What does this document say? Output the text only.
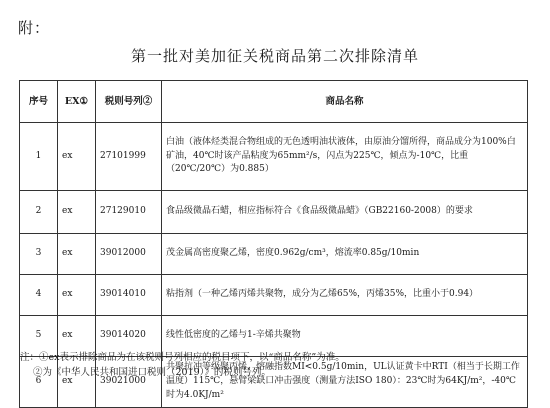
附：
第一批对美加征关税商品第二次排除清单
序号	EX①	税则号列②	商品名称
1	ex	27101999	白油（液体烃类混合物组成的无色透明油状液体，由原油分馏所得，商品成分为100%白矿油，40℃时该产品粘度为65mm²/s，闪点为225℃，倾点为-10℃，比重（20℃/20℃）为0.885）
2	ex	27129010	食品级微晶石蜡，相应指标符合《食品级微晶蜡》（GB22160-2008）的要求
3	ex	39012000	茂金属高密度聚乙烯，密度0.962g/cm³，熔流率0.85g/10min
4	ex	39014010	粘指剂（一种乙烯丙烯共聚物，成分为乙烯65%，丙烯35%，比重小于0.94）
5	ex	39014020	线性低密度的乙烯与1-辛烯共聚物
6	ex	39021000	共聚抗冲等级聚丙烯，熔融指数MI<0.5g/10min，UL认证黄卡中RTI（相当于长期工作温度）115℃，悬臂梁缺口冲击强度（测量方法ISO 180）：23℃时为64KJ/m²，-40℃时为4.0KJ/m²
注：①ex表示排除商品为在该税则号列相应的税目项下，以“商品名称”为准。
②为《中华人民共和国进口税则（2019）》的税则号列。
